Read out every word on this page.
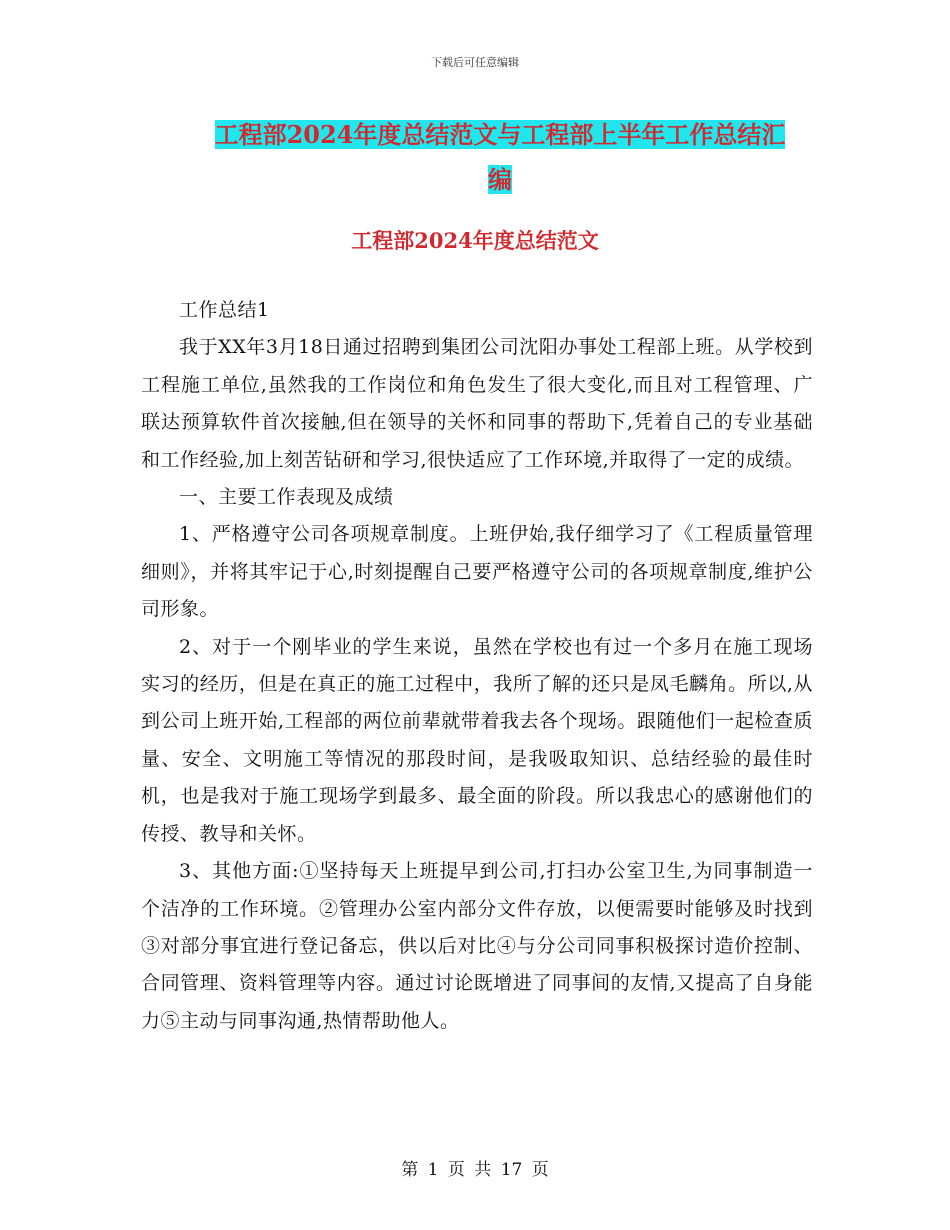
下载后可任意编辑
工程部2024年度总结范文与工程部上半年工作总结汇
编
工程部2024年度总结范文

工作总结1

我于XX年3月18日通过招聘到集团公司沈阳办事处工程部上班。从学校到工程施工单位,虽然我的工作岗位和角色发生了很大变化,而且对工程管理、广联达预算软件首次接触,但在领导的关怀和同事的帮助下,凭着自己的专业基础和工作经验,加上刻苦钻研和学习,很快适应了工作环境,并取得了一定的成绩。

一、主要工作表现及成绩

1、严格遵守公司各项规章制度。上班伊始,我仔细学习了《工程质量管理细则》，并将其牢记于心,时刻提醒自己要严格遵守公司的各项规章制度,维护公司形象。

2、对于一个刚毕业的学生来说，虽然在学校也有过一个多月在施工现场实习的经历，但是在真正的施工过程中，我所了解的还只是凤毛麟角。所以,从到公司上班开始,工程部的两位前辈就带着我去各个现场。跟随他们一起检查质量、安全、文明施工等情况的那段时间，是我吸取知识、总结经验的最佳时机，也是我对于施工现场学到最多、最全面的阶段。所以我忠心的感谢他们的传授、教导和关怀。

3、其他方面:①坚持每天上班提早到公司,打扫办公室卫生,为同事制造一个洁净的工作环境。②管理办公室内部分文件存放，以便需要时能够及时找到③对部分事宜进行登记备忘，供以后对比④与分公司同事积极探讨造价控制、合同管理、资料管理等内容。通过讨论既增进了同事间的友情,又提高了自身能力⑤主动与同事沟通,热情帮助他人。

第 1 页 共 17 页
